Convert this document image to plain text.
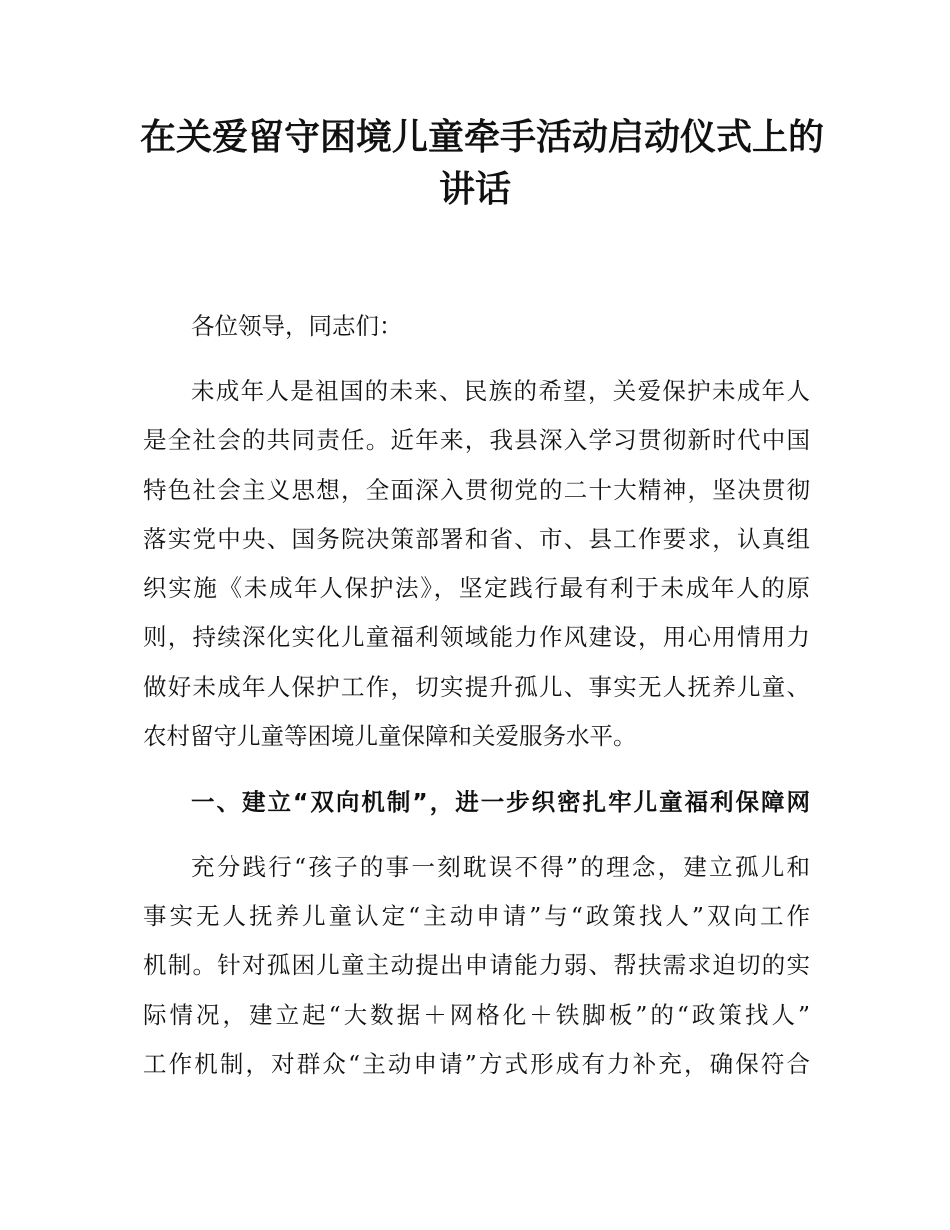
在关爱留守困境儿童牵手活动启动仪式上的
讲话
各位领导，同志们：
未成年人是祖国的未来、民族的希望，关爱保护未成年人
是全社会的共同责任。近年来，我县深入学习贯彻新时代中国
特色社会主义思想，全面深入贯彻党的二十大精神，坚决贯彻
落实党中央、国务院决策部署和省、市、县工作要求，认真组
织实施《未成年人保护法》，坚定践行最有利于未成年人的原
则，持续深化实化儿童福利领域能力作风建设，用心用情用力
做好未成年人保护工作，切实提升孤儿、事实无人抚养儿童、
农村留守儿童等困境儿童保障和关爱服务水平。
一、建立“双向机制”，进一步织密扎牢儿童福利保障网
充分践行“孩子的事一刻耽误不得”的理念，建立孤儿和
事实无人抚养儿童认定“主动申请”与“政策找人”双向工作
机制。针对孤困儿童主动提出申请能力弱、帮扶需求迫切的实
际情况，建立起“大数据＋网格化＋铁脚板”的“政策找人”
工作机制，对群众“主动申请”方式形成有力补充，确保符合
